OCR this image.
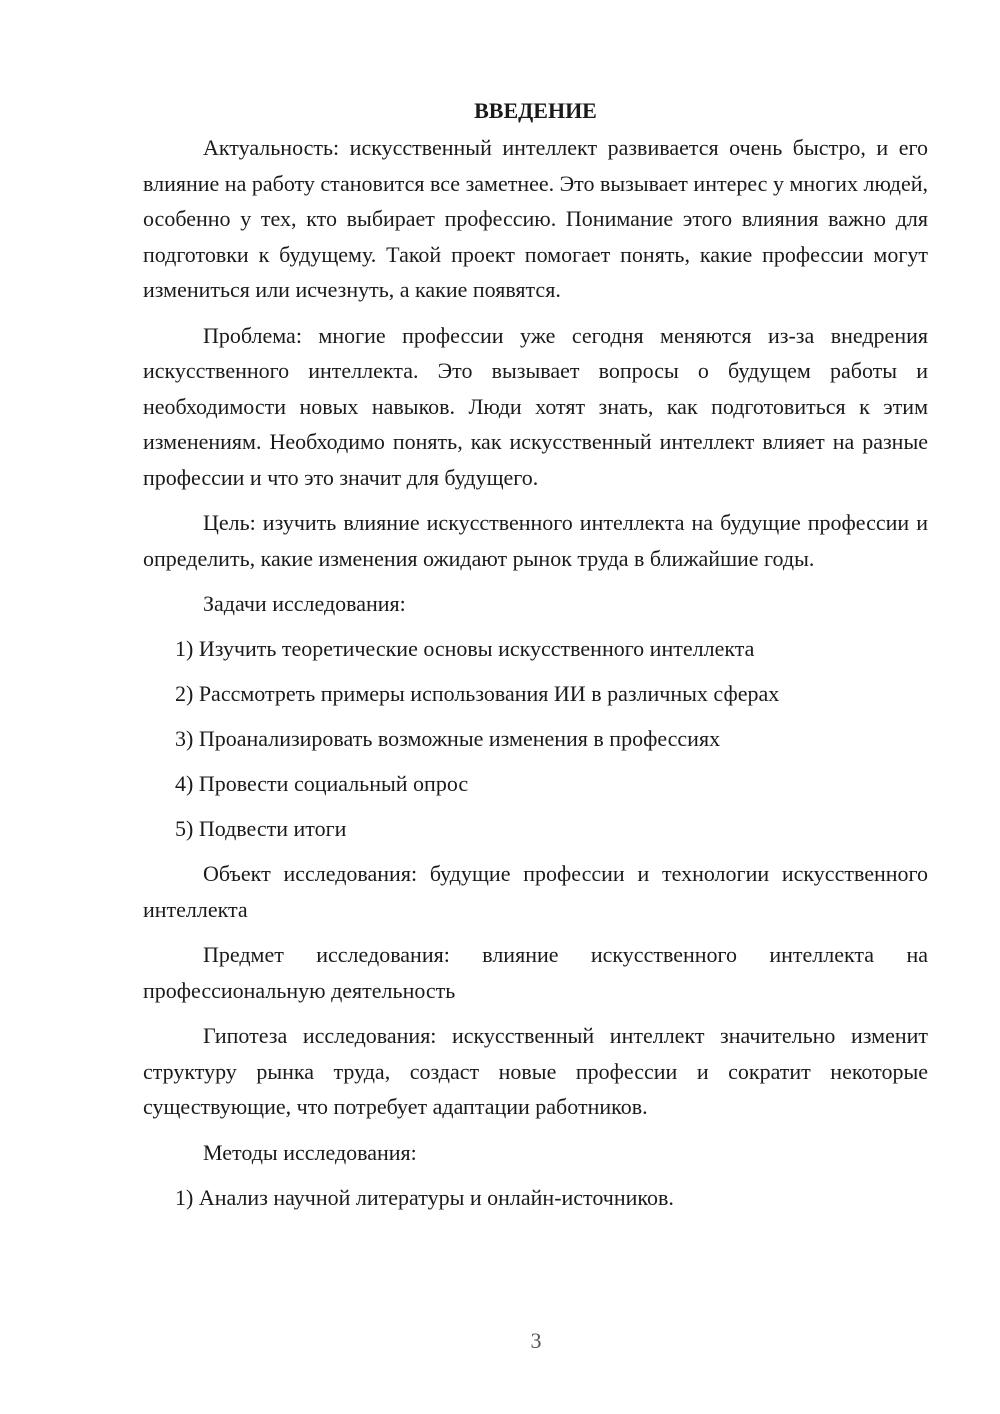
ВВЕДЕНИЕ

Актуальность: искусственный интеллект развивается очень быстро, и его влияние на работу становится все заметнее. Это вызывает интерес у многих людей, особенно у тех, кто выбирает профессию. Понимание этого влияния важно для подготовки к будущему. Такой проект помогает понять, какие профессии могут измениться или исчезнуть, а какие появятся.

Проблема: многие профессии уже сегодня меняются из-за внедрения искусственного интеллекта. Это вызывает вопросы о будущем работы и необходимости новых навыков. Люди хотят знать, как подготовиться к этим изменениям. Необходимо понять, как искусственный интеллект влияет на разные профессии и что это значит для будущего.

Цель: изучить влияние искусственного интеллекта на будущие профессии и определить, какие изменения ожидают рынок труда в ближайшие годы.

Задачи исследования:

1) Изучить теоретические основы искусственного интеллекта
2) Рассмотреть примеры использования ИИ в различных сферах
3) Проанализировать возможные изменения в профессиях
4) Провести социальный опрос
5) Подвести итоги

Объект исследования: будущие профессии и технологии искусственного интеллекта

Предмет исследования: влияние искусственного интеллекта на профессиональную деятельность

Гипотеза исследования: искусственный интеллект значительно изменит структуру рынка труда, создаст новые профессии и сократит некоторые существующие, что потребует адаптации работников.

Методы исследования:

1) Анализ научной литературы и онлайн-источников.
3
